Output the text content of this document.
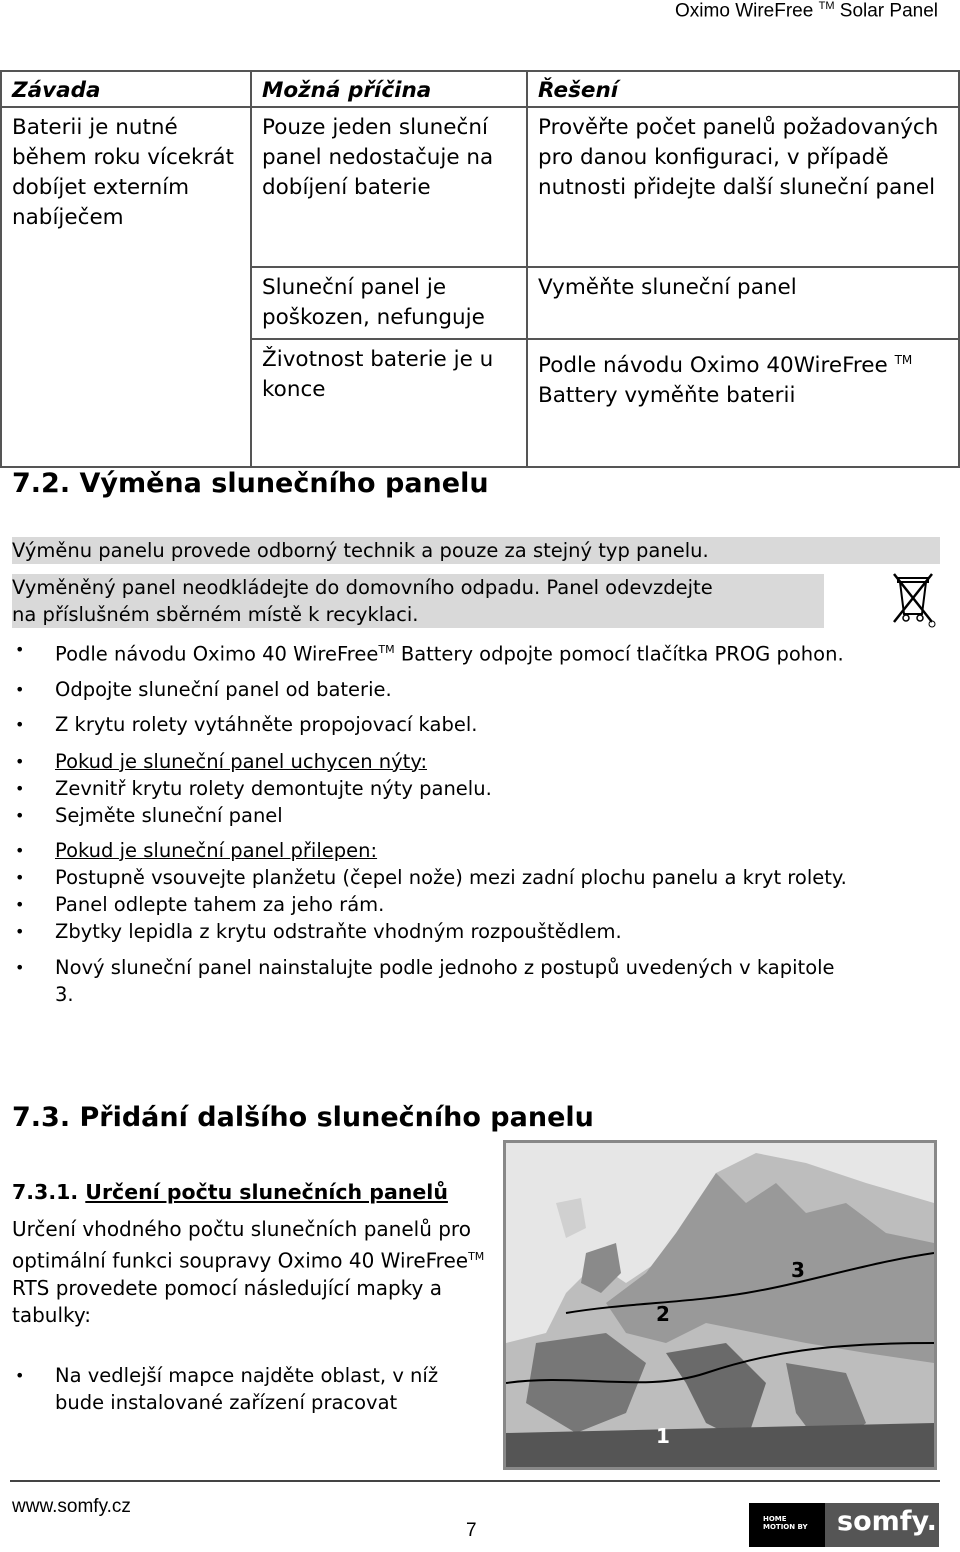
Oximo WireFree ™ Solar Panel
Závada	Možná příčina	Řešení
Baterii je nutné během roku vícekrát dobíjet externím nabíječem	Pouze jeden sluneční panel nedostačuje na dobíjení baterie	Prověřte počet panelů požadovaných pro danou konfiguraci, v případě nutnosti přidejte další sluneční panel
	Sluneční panel je poškozen, nefunguje	Vyměňte sluneční panel
	Životnost baterie je u konce	Podle návodu Oximo 40WireFree ™ Battery vyměňte baterii
7.2. Výměna slunečního panelu
Výměnu panelu provede odborný technik a pouze za stejný typ panelu.
Vyměněný panel neodkládejte do domovního odpadu. Panel odevzdejte
na příslušném sběrném místě k recyklaci.
• Podle návodu Oximo 40 WireFree™ Battery odpojte pomocí tlačítka PROG pohon.
• Odpojte sluneční panel od baterie.
• Z krytu rolety vytáhněte propojovací kabel.
• Pokud je sluneční panel uchycen nýty:
• Zevnitř krytu rolety demontujte nýty panelu.
• Sejměte sluneční panel
• Pokud je sluneční panel přilepen:
• Postupně vsouvejte planžetu (čepel nože) mezi zadní plochu panelu a kryt rolety.
• Panel odlepte tahem za jeho rám.
• Zbytky lepidla z krytu odstraňte vhodným rozpouštědlem.
• Nový sluneční panel nainstalujte podle jednoho z postupů uvedených v kapitole 3.
7.3. Přidání dalšího slunečního panelu
7.3.1. Určení počtu slunečních panelů
Určení vhodného počtu slunečních panelů pro optimální funkci soupravy Oximo 40 WireFree™ RTS provedete pomocí následující mapky a tabulky:
• Na vedlejší mapce najděte oblast, v níž bude instalované zařízení pracovat
3
2
1
www.somfy.cz
7
HOME
MOTION BY	somfy.
